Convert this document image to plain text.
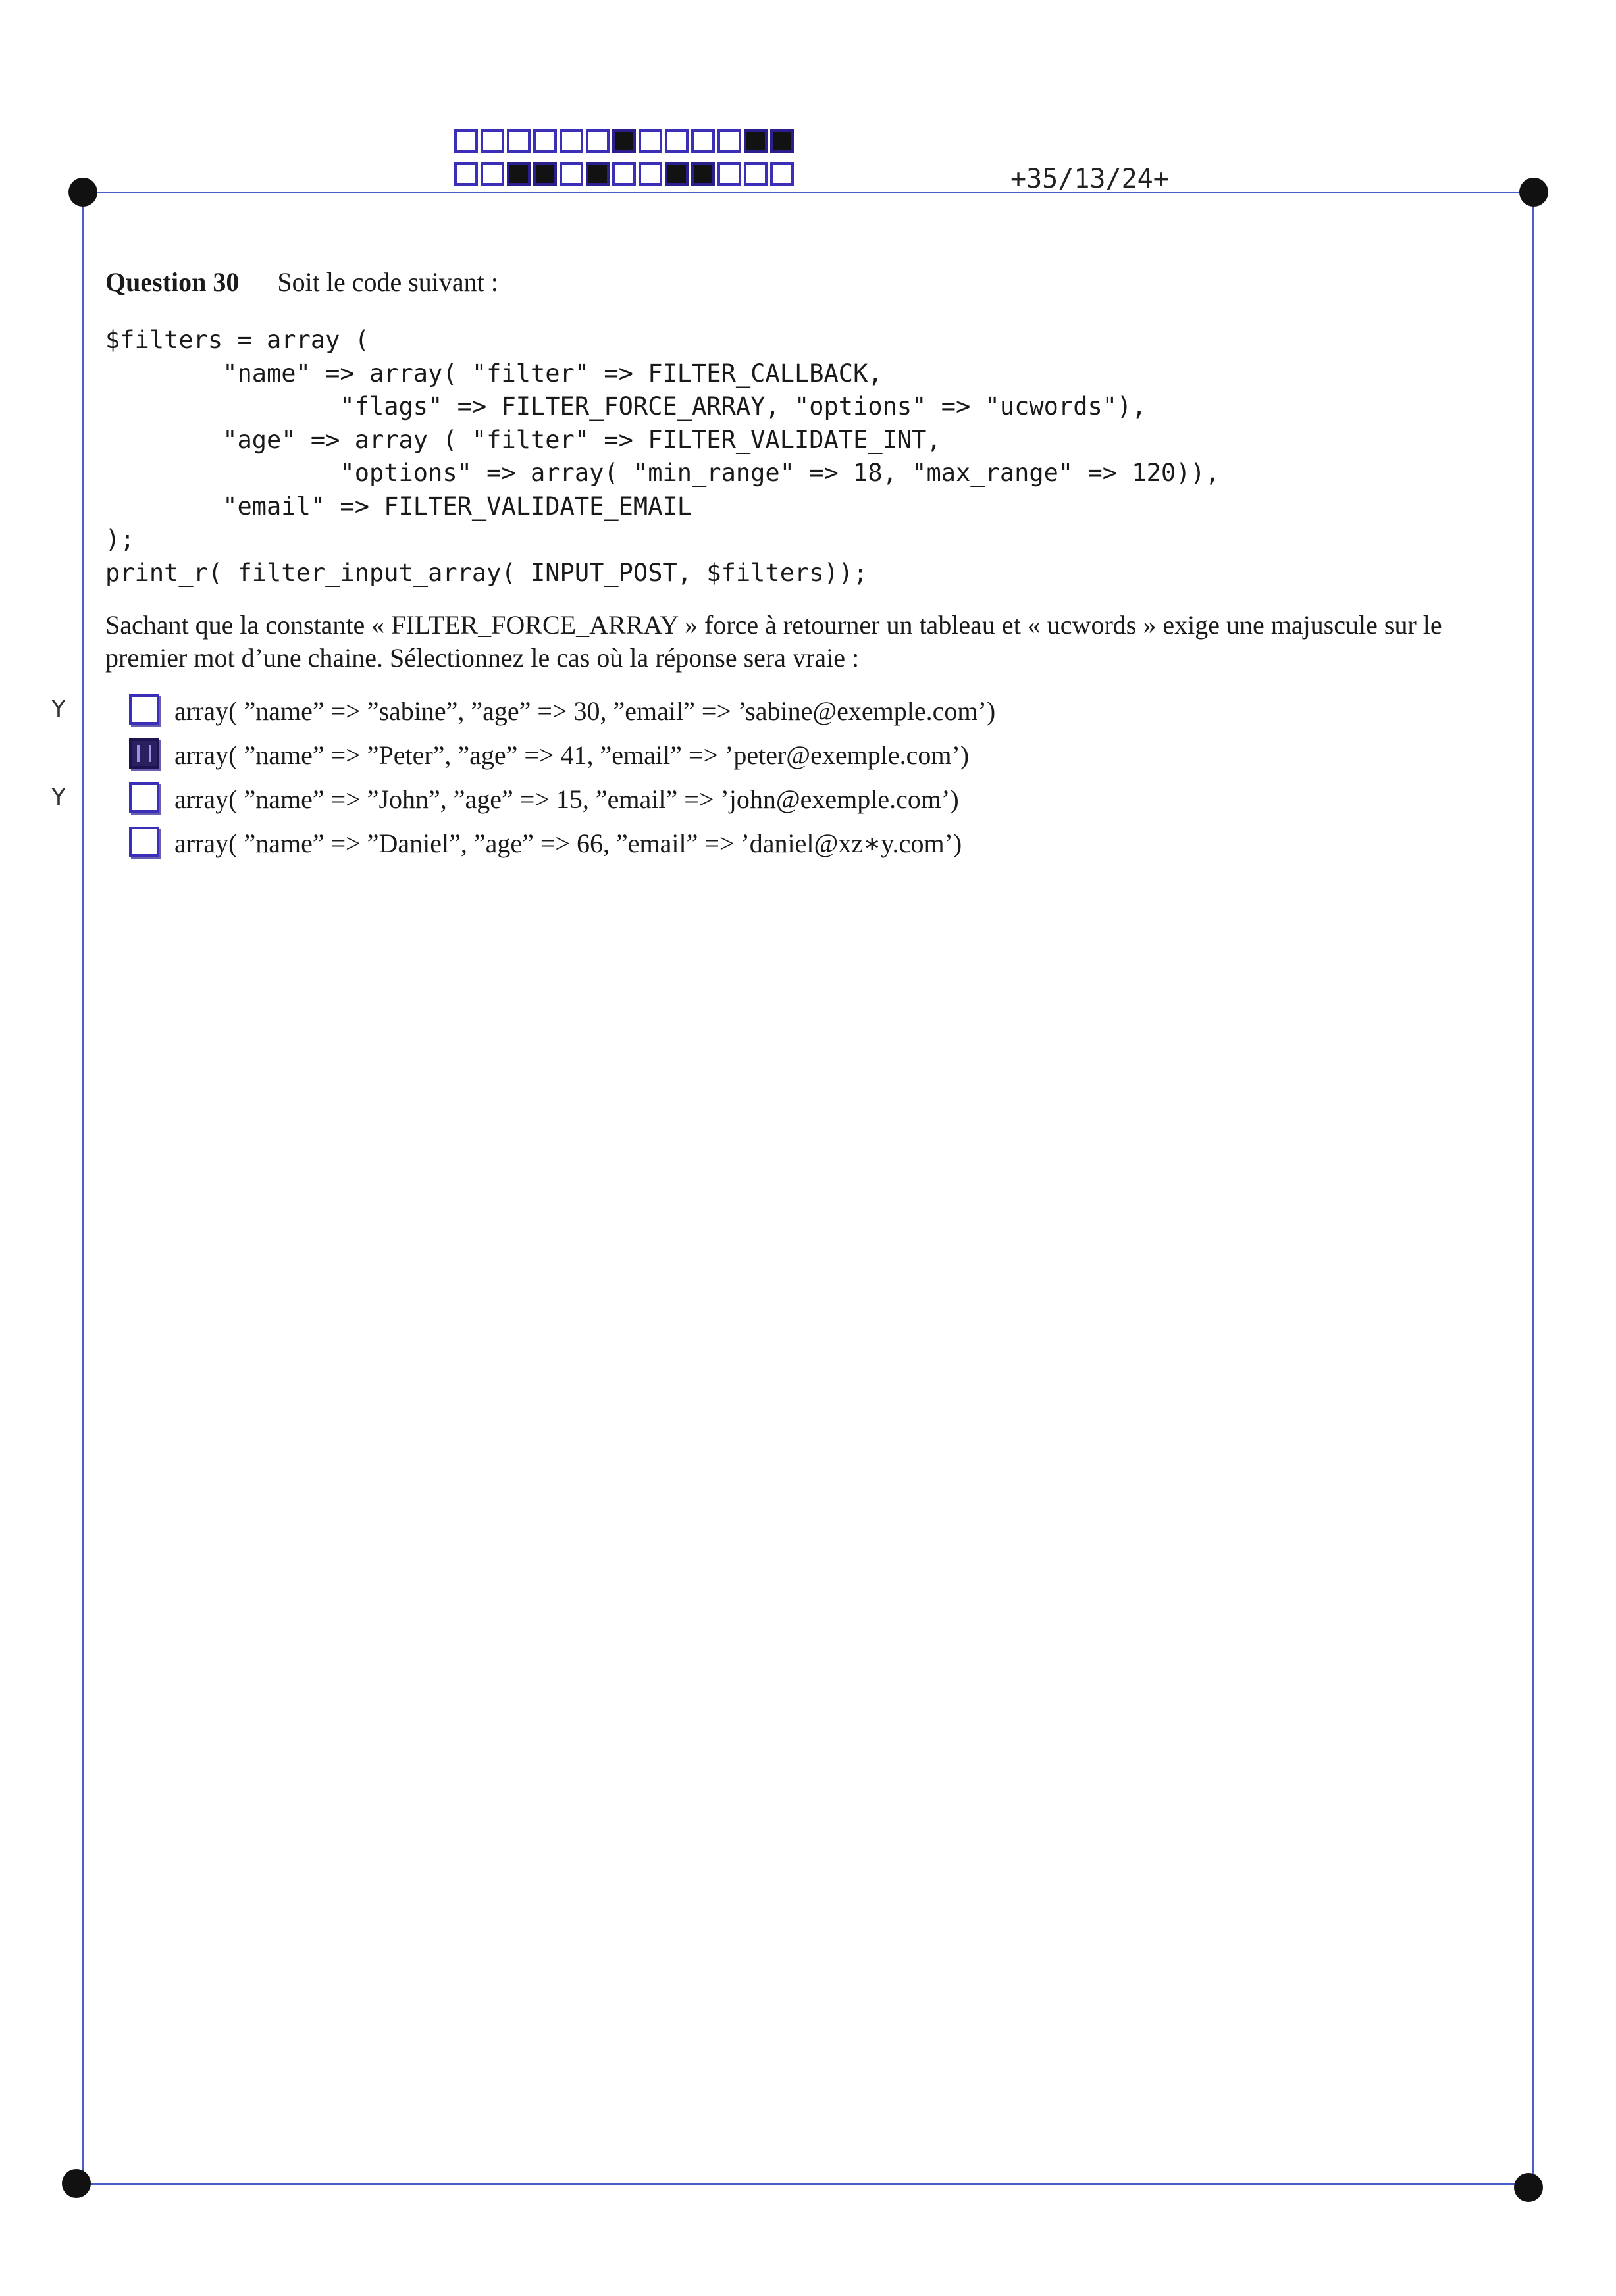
+35/13/24+
Question 30 Soit le code suivant :
$filters = array (
"name" => array( "filter" => FILTER_CALLBACK,
"flags" => FILTER_FORCE_ARRAY, "options" => "ucwords"),
"age" => array ( "filter" => FILTER_VALIDATE_INT,
"options" => array( "min_range" => 18, "max_range" => 120)),
"email" => FILTER_VALIDATE_EMAIL
);
print_r( filter_input_array( INPUT_POST, $filters));
Sachant que la constante « FILTER_FORCE_ARRAY » force à retourner un tableau et « ucwords » exige une majuscule sur le premier mot d’une chaine. Sélectionnez le cas où la réponse sera vraie :
Y	array( ”name” => ”sabine”, ”age” => 30, ”email” => ’sabine@exemple.com’)
array( ”name” => ”Peter”, ”age” => 41, ”email” => ’peter@exemple.com’)
Y	array( ”name” => ”John”, ”age” => 15, ”email” => ’john@exemple.com’)
array( ”name” => ”Daniel”, ”age” => 66, ”email” => ’daniel@xz∗y.com’)
